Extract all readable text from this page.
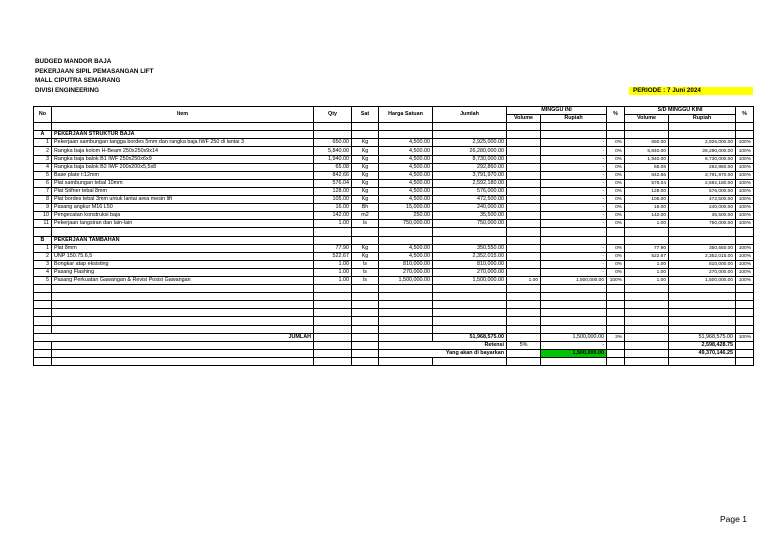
BUDGED MANDOR BAJA
PEKERJAAN SIPIL PEMASANGAN LIFT
MALL CIPUTRA SEMARANG
DIVISI ENGINEERING	PERIODE : 7 Juni 2024
No	Item	Qty	Sat	Harga Satuan	Jumlah	MINGGU INI		%	S/D MINGGU KINI		%
						Volume	Rupiah		Volume	Rupiah	

A	PEKERJAAN STRUKTUR BAJA										
1	Pekerjaan sambungan tangga bordes 5mm dan rangka baja IWF 250 di lantai 3	650.00	Kg	4,500.00	2,925,000.00		-	0%	650.00	2,925,000.00	100%
2	Rangka baja kolom H-Beam 250x250x9x14	5,840.00	Kg	4,500.00	26,280,000.00		-	0%	5,840.00	26,280,000.00	100%
3	Rangka baja balok B1 IWF 250x250x6x9	1,940.00	Kg	4,500.00	8,730,000.00		-	0%	1,940.00	8,730,000.00	100%
4	Rangka baja balok B2 IWF 200x200x5,5x8	65.08	Kg	4,500.00	292,860.00		-	0%	65.08	292,860.00	100%
5	Base plate t:12mm	842.66	Kg	4,500.00	3,791,970.00		-	0%	842.66	3,791,970.00	100%
6	Plat sambungan tebal 10mm	576.04	Kg	4,500.00	2,592,180.00		-	0%	576.04	2,592,180.00	100%
7	Plat Stifner tebal 8mm	128.00	Kg	4,500.00	576,000.00		-	0%	128.00	576,000.00	100%
8	Plat bordes tebal 3mm untuk lantai area mesin lift	105.00	Kg	4,500.00	472,500.00		-	0%	105.00	472,500.00	100%
9	Pasang angkur M16 L50	16.00	Bh	15,000.00	240,000.00		-	0%	16.00	240,000.00	100%
10	Pengecatan konstruksi baja	142.00	m2	250.00	35,500.00		-	0%	142.00	35,500.00	100%
11	Pekerjaan langsiran dan lain-lain	1.00	ls	750,000.00	750,000.00		-	0%	1.00	750,000.00	100%

B	PEKERJAAN TAMBAHAN										
1	Plat 8mm	77.90	Kg	4,500.00	350,550.00		-	0%	77.90	350,550.00	100%
2	UNP 150.75.6,5	522.67	Kg	4,500.00	2,352,015.00		-	0%	522.67	2,352,015.00	100%
3	Bongkar atap eksisting	1.00	ls	810,000.00	810,000.00		-	0%	1.00	810,000.00	100%
4	Pasang Flashing	1.00	ls	270,000.00	270,000.00		-	0%	1.00	270,000.00	100%
5	Pasang Perkuatan Gawangan & Revisi Posisi Gawangan	1.00	ls	1,500,000.00	1,500,000.00	1.00	1,500,000.00	100%	1.00	1,500,000.00	100%

JUMLAH					51,968,575.00		1,500,000.00	3%		51,968,575.00	100%
				Retensi		5%	-			2,598,428.75	
				Yang akan di bayarkan			1,500,000.00			49,370,146.25	

Page 1
